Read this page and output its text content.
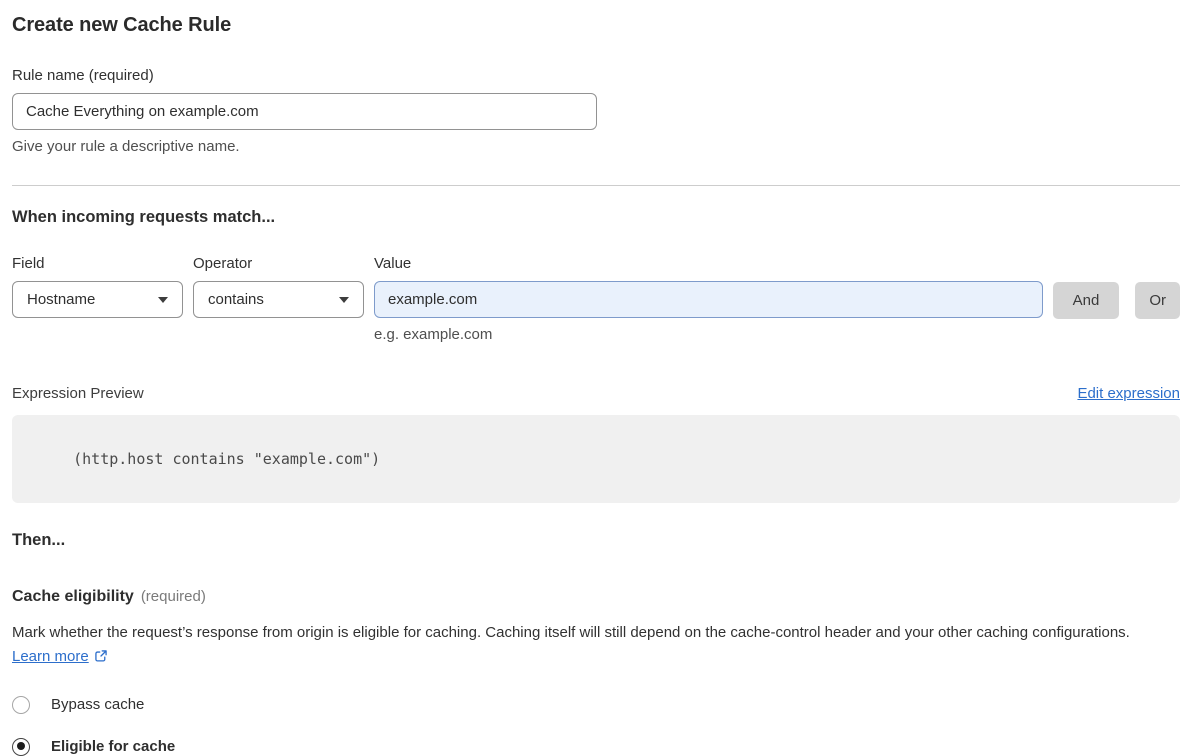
Create new Cache Rule
Rule name (required)
Cache Everything on example.com
Give your rule a descriptive name.
When incoming requests match...
Field
Hostname
Operator
contains
Value
example.com
e.g. example.com
And	Or
Expression Preview	Edit expression

(http.host contains "example.com")

Then...
Cache eligibility (required)

Mark whether the request’s response from origin is eligible for caching. Caching itself will still depend on the cache-control header and your other caching configurations. Learn more

Bypass cache
Eligible for cache
